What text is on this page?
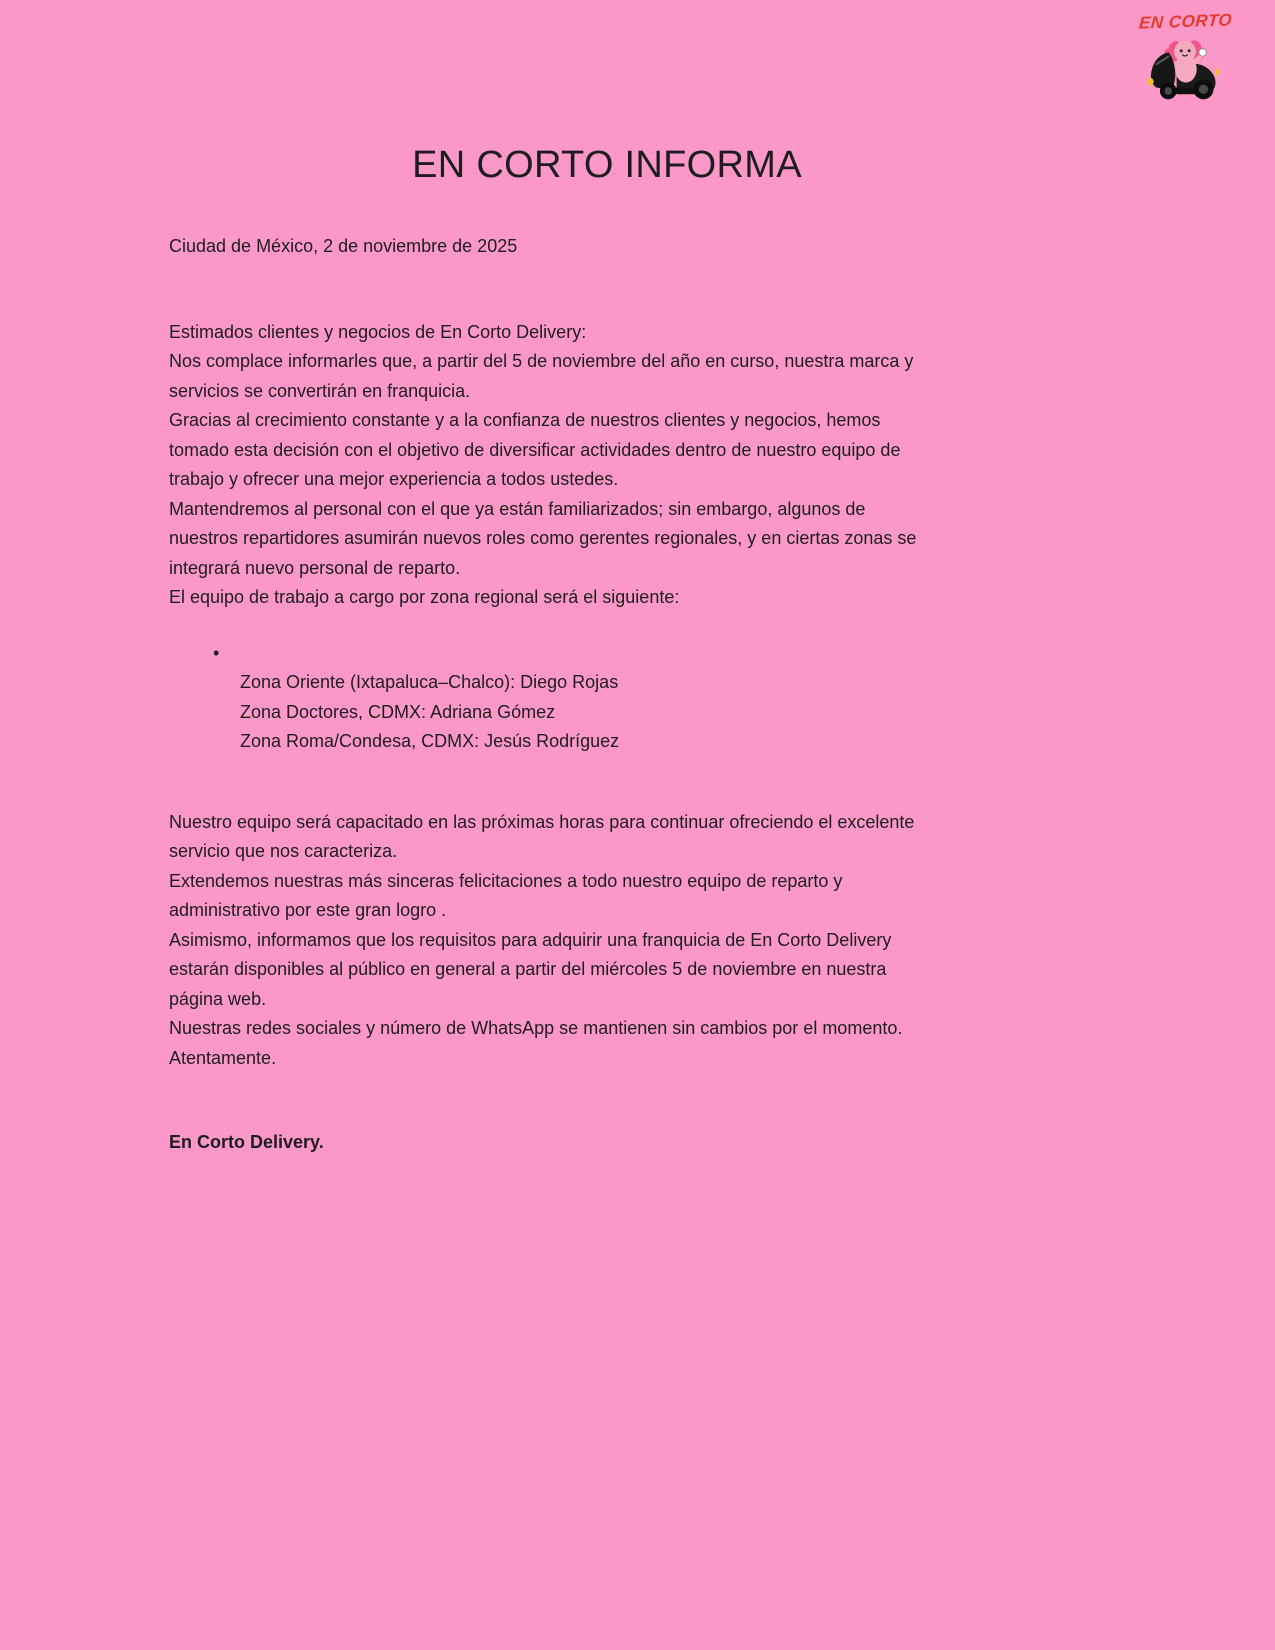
EN CORTO
EN CORTO INFORMA
Ciudad de México, 2 de noviembre de 2025
Estimados clientes y negocios de En Corto Delivery:
Nos complace informarles que, a partir del 5 de noviembre del año en curso, nuestra marca y
servicios se convertirán en franquicia.
Gracias al crecimiento constante y a la confianza de nuestros clientes y negocios, hemos
tomado esta decisión con el objetivo de diversificar actividades dentro de nuestro equipo de
trabajo y ofrecer una mejor experiencia a todos ustedes.
Mantendremos al personal con el que ya están familiarizados; sin embargo, algunos de
nuestros repartidores asumirán nuevos roles como gerentes regionales, y en ciertas zonas se
integrará nuevo personal de reparto.
El equipo de trabajo a cargo por zona regional será el siguiente:
•
Zona Oriente (Ixtapaluca–Chalco): Diego Rojas
Zona Doctores, CDMX: Adriana Gómez
Zona Roma/Condesa, CDMX: Jesús Rodríguez
Nuestro equipo será capacitado en las próximas horas para continuar ofreciendo el excelente
servicio que nos caracteriza.
Extendemos nuestras más sinceras felicitaciones a todo nuestro equipo de reparto y
administrativo por este gran logro .
Asimismo, informamos que los requisitos para adquirir una franquicia de En Corto Delivery
estarán disponibles al público en general a partir del miércoles 5 de noviembre en nuestra
página web.
Nuestras redes sociales y número de WhatsApp se mantienen sin cambios por el momento.
Atentamente.
En Corto Delivery.
